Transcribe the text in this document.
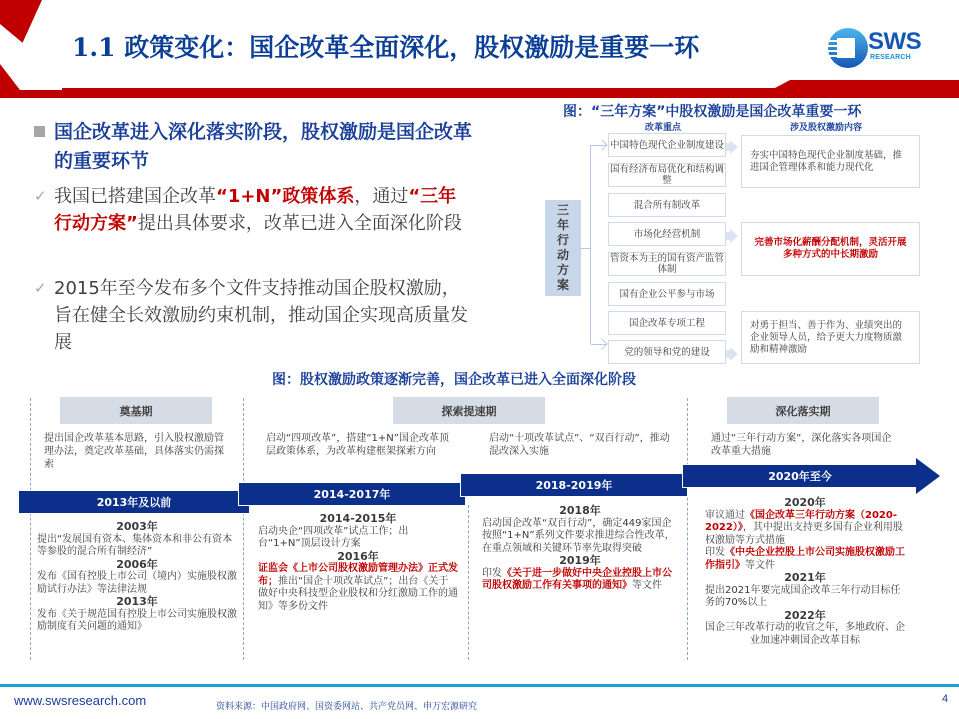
1.1 政策变化：国企改革全面深化，股权激励是重要一环	SWS
RESEARCH
国企改革进入深化落实阶段，股权激励是国企改革的重要环节
✓ 我国已搭建国企改革“1+N”政策体系，通过“三年行动方案”提出具体要求，改革已进入全面深化阶段
✓ 2015年至今发布多个文件支持推动国企股权激励，旨在健全长效激励约束机制，推动国企实现高质量发展
图：“三年方案”中股权激励是国企改革重要一环
改革重点	涉及股权激励内容
三
年
行
动
方
案
中国特色现代企业制度建设
国有经济布局优化和结构调整
混合所有制改革
市场化经营机制
管资本为主的国有资产监管体制
国有企业公平参与市场
国企改革专项工程
党的领导和党的建设
夯实中国特色现代企业制度基础，推进国企管理体系和能力现代化
完善市场化薪酬分配机制，灵活开展多种方式的中长期激励
对勇于担当、善于作为、业绩突出的企业领导人员，给予更大力度物质激励和精神激励
图：股权激励政策逐渐完善，国企改革已进入全面深化阶段
奠基期	探索提速期	深化落实期
提出国企改革基本思路，引入股权激励管理办法，奠定改革基础，具体落实仍需探索
启动“四项改革”，搭建“1+N”国企改革顶层政策体系，为改革构建框架探索方向
启动“十项改革试点”、“双百行动”，推动混改深入实施
通过“三年行动方案”，深化落实各项国企改革重大措施
2013年及以前
2014-2017年
2018-2019年
2020年至今
2003年
提出“发展国有资本、集体资本和非公有资本等参股的混合所有制经济”
2006年
发布《国有控股上市公司（境内）实施股权激励试行办法》等法律法规
2013年
发布《关于规范国有控股上市公司实施股权激励制度有关问题的通知》
2014-2015年
启动央企“四项改革”试点工作；出台“1+N”顶层设计方案
2016年
证监会《上市公司股权激励管理办法》正式发布；推出“国企十项改革试点”；出台《关于做好中央科技型企业股权和分红激励工作的通知》等多份文件
2018年
启动国企改革“双百行动”，确定449家国企按照“1+N”系列文件要求推进综合性改革，在重点领域和关键环节率先取得突破
2019年
印发《关于进一步做好中央企业控股上市公司股权激励工作有关事项的通知》等文件
2020年
审议通过《国企改革三年行动方案（2020-2022）》，其中提出支持更多国有企业利用股权激励等方式措施
印发《中央企业控股上市公司实施股权激励工作指引》等文件
2021年
提出2021年要完成国企改革三年行动目标任务的70%以上
2022年
国企三年改革行动的收官之年，多地政府、企业加速冲刺国企改革目标
www.swsresearch.com	资料来源：中国政府网、国资委网站、共产党员网、申万宏源研究
4
